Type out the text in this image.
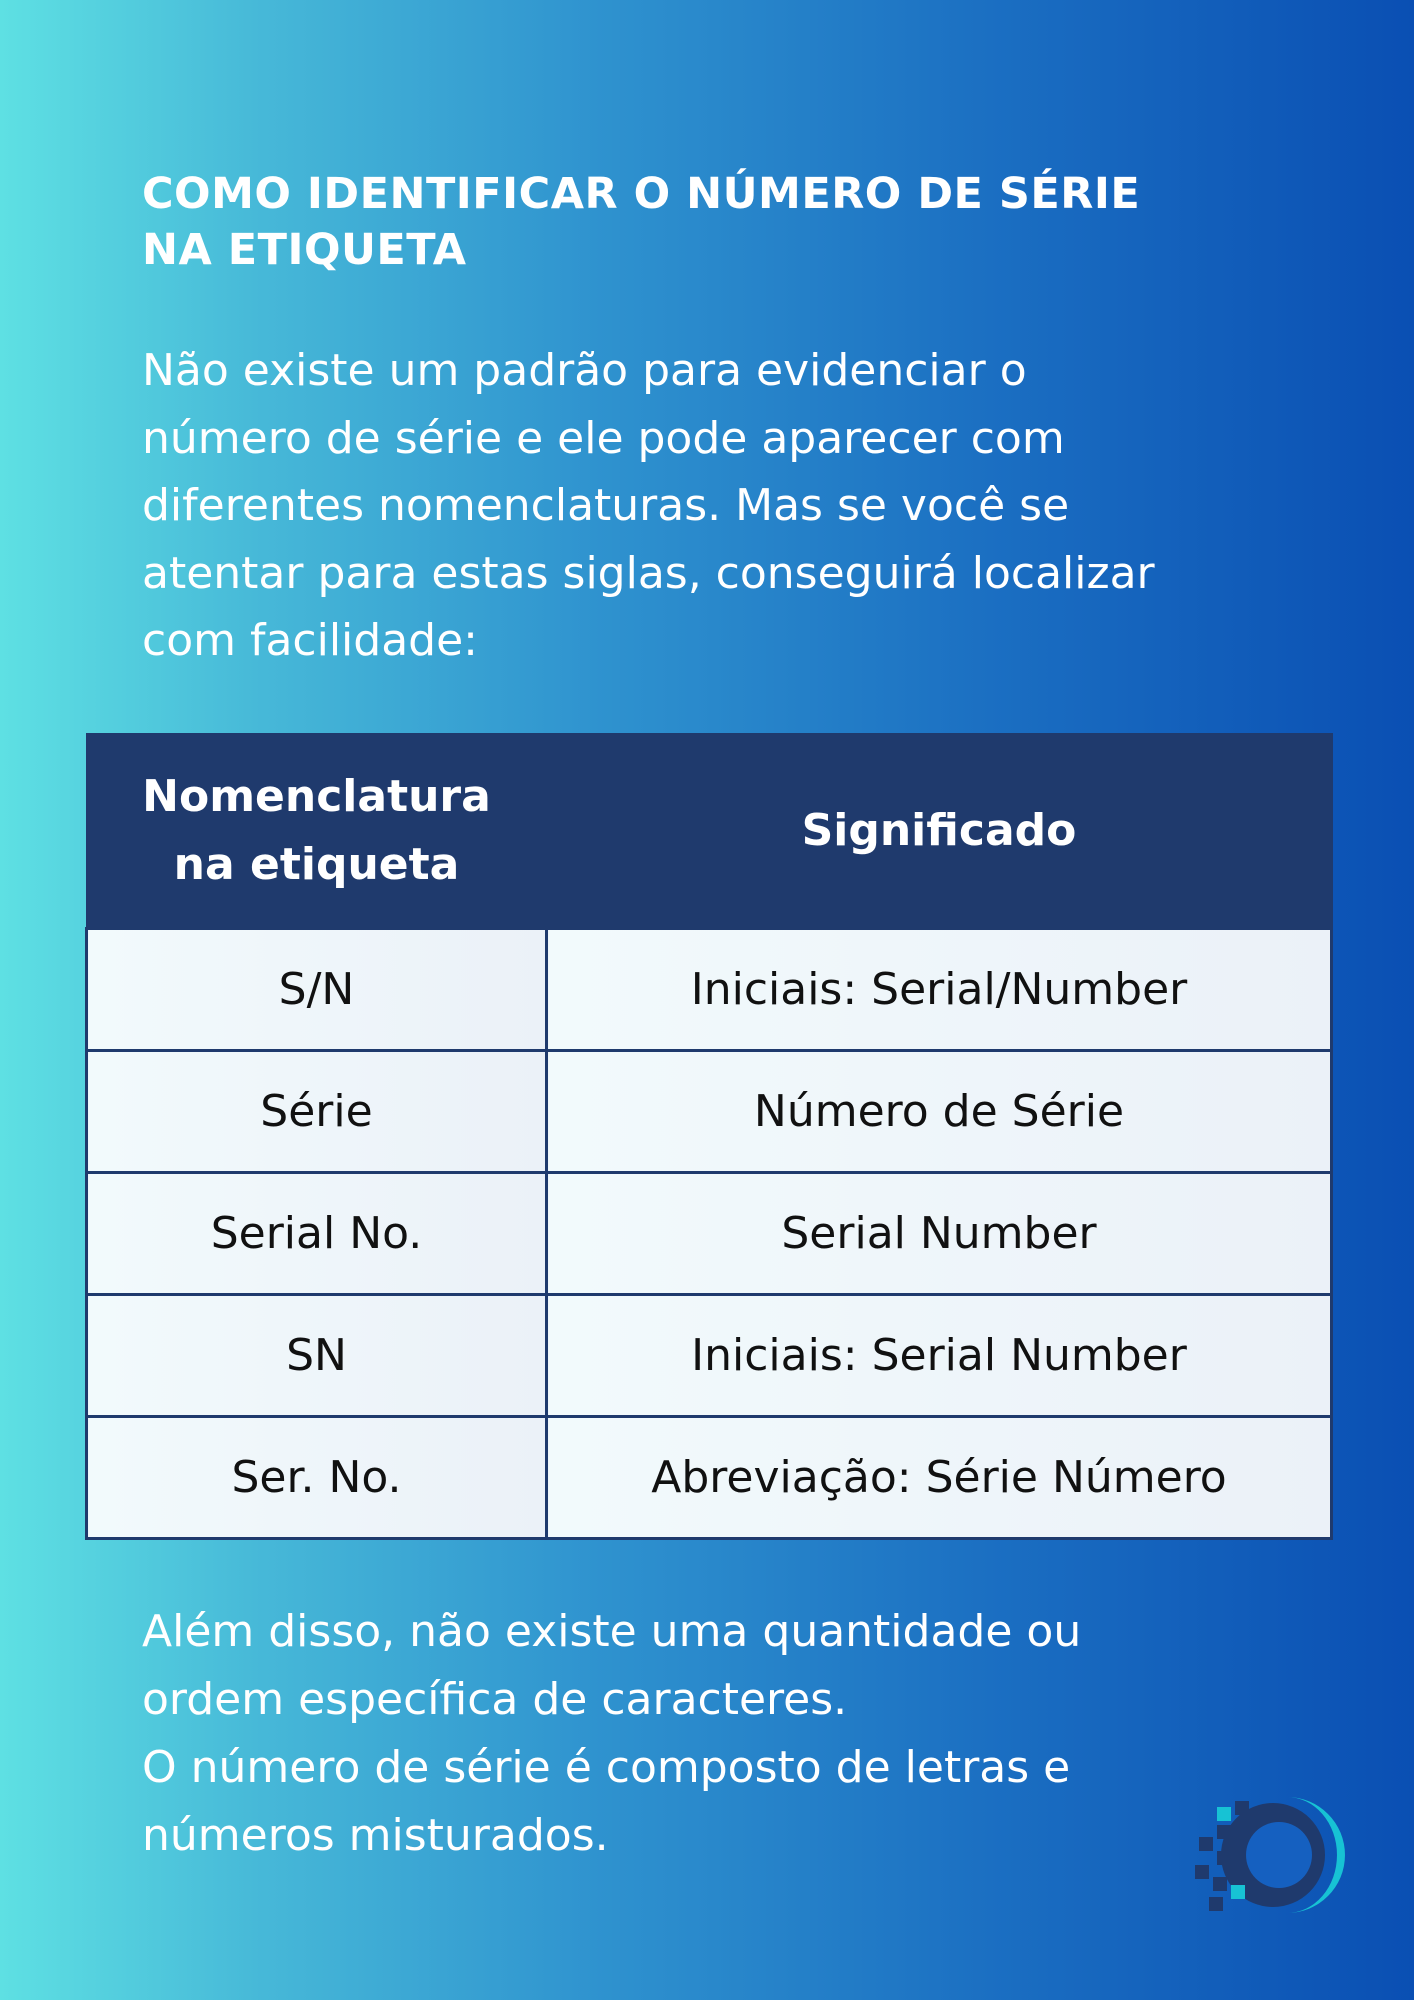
COMO IDENTIFICAR O NÚMERO DE SÉRIE
NA ETIQUETA
Não existe um padrão para evidenciar o
número de série e ele pode aparecer com
diferentes nomenclaturas. Mas se você se
atentar para estas siglas, conseguirá localizar
com facilidade:
Nomenclatura
na etiqueta	Significado
S/N	Iniciais: Serial/Number
Série	Número de Série
Serial No.	Serial Number
SN	Iniciais: Serial Number
Ser. No.	Abreviação: Série Número
Além disso, não existe uma quantidade ou
ordem específica de caracteres.
O número de série é composto de letras e
números misturados.
